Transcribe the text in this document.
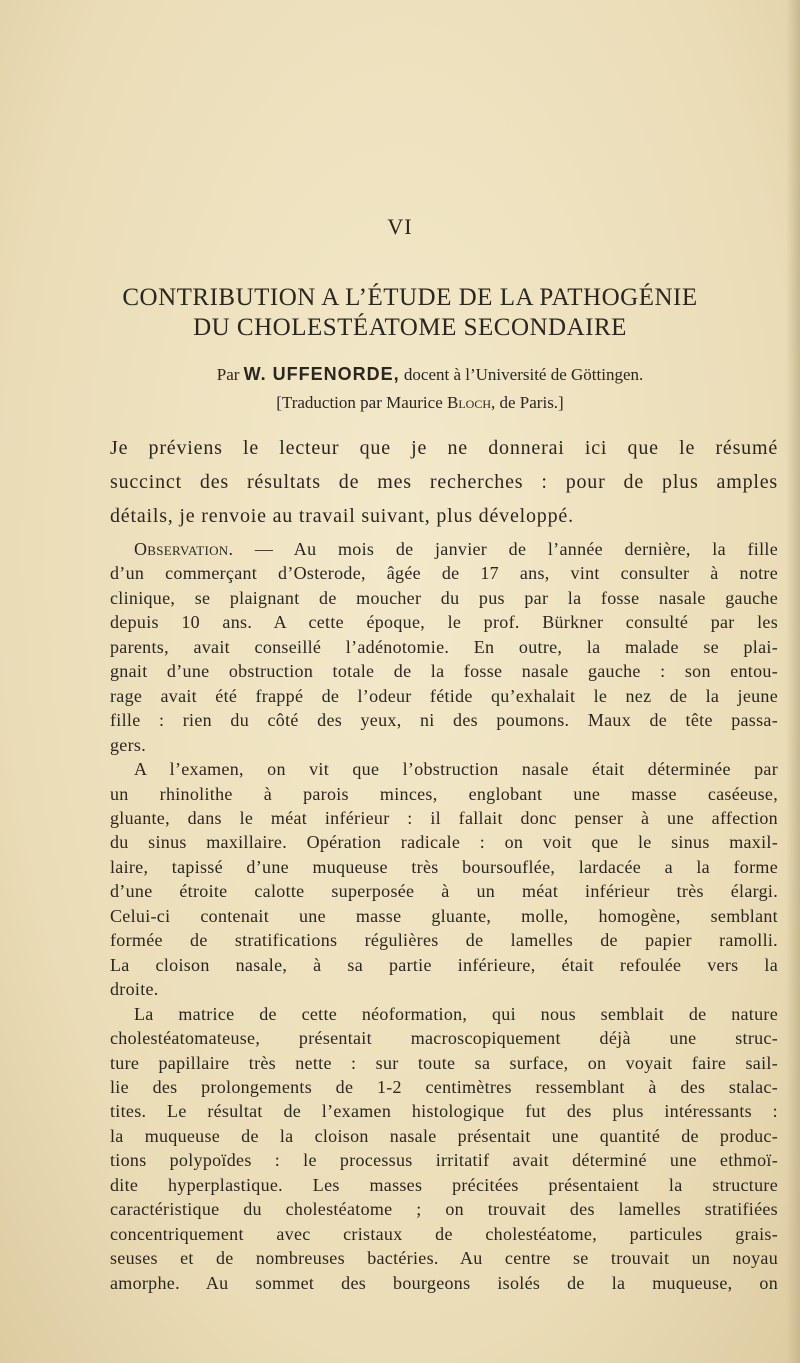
VI
CONTRIBUTION A L’ÉTUDE DE LA PATHOGÉNIE
DU CHOLESTÉATOME SECONDAIRE
Par W. UFFENORDE, docent à l’Université de Göttingen.
[Traduction par Maurice Bloch, de Paris.]
Je préviens le lecteur que je ne donnerai ici que le résumé
succinct des résultats de mes recherches : pour de plus amples
détails, je renvoie au travail suivant, plus développé.
Observation. — Au mois de janvier de l’année dernière, la fille
d’un commerçant d’Osterode, âgée de 17 ans, vint consulter à notre
clinique, se plaignant de moucher du pus par la fosse nasale gauche
depuis 10 ans. A cette époque, le prof. Bürkner consulté par les
parents, avait conseillé l’adénotomie. En outre, la malade se plai-
gnait d’une obstruction totale de la fosse nasale gauche : son entou-
rage avait été frappé de l’odeur fétide qu’exhalait le nez de la jeune
fille : rien du côté des yeux, ni des poumons. Maux de tête passa-
gers.
A l’examen, on vit que l’obstruction nasale était déterminée par
un rhinolithe à parois minces, englobant une masse caséeuse,
gluante, dans le méat inférieur : il fallait donc penser à une affection
du sinus maxillaire. Opération radicale : on voit que le sinus maxil-
laire, tapissé d’une muqueuse très boursouflée, lardacée a la forme
d’une étroite calotte superposée à un méat inférieur très élargi.
Celui-ci contenait une masse gluante, molle, homogène, semblant
formée de stratifications régulières de lamelles de papier ramolli.
La cloison nasale, à sa partie inférieure, était refoulée vers la
droite.
La matrice de cette néoformation, qui nous semblait de nature
cholestéatomateuse, présentait macroscopiquement déjà une struc-
ture papillaire très nette : sur toute sa surface, on voyait faire sail-
lie des prolongements de 1-2 centimètres ressemblant à des stalac-
tites. Le résultat de l’examen histologique fut des plus intéressants :
la muqueuse de la cloison nasale présentait une quantité de produc-
tions polypoïdes : le processus irritatif avait déterminé une ethmoï-
dite hyperplastique. Les masses précitées présentaient la structure
caractéristique du cholestéatome ; on trouvait des lamelles stratifiées
concentriquement avec cristaux de cholestéatome, particules grais-
seuses et de nombreuses bactéries. Au centre se trouvait un noyau
amorphe. Au sommet des bourgeons isolés de la muqueuse, on
